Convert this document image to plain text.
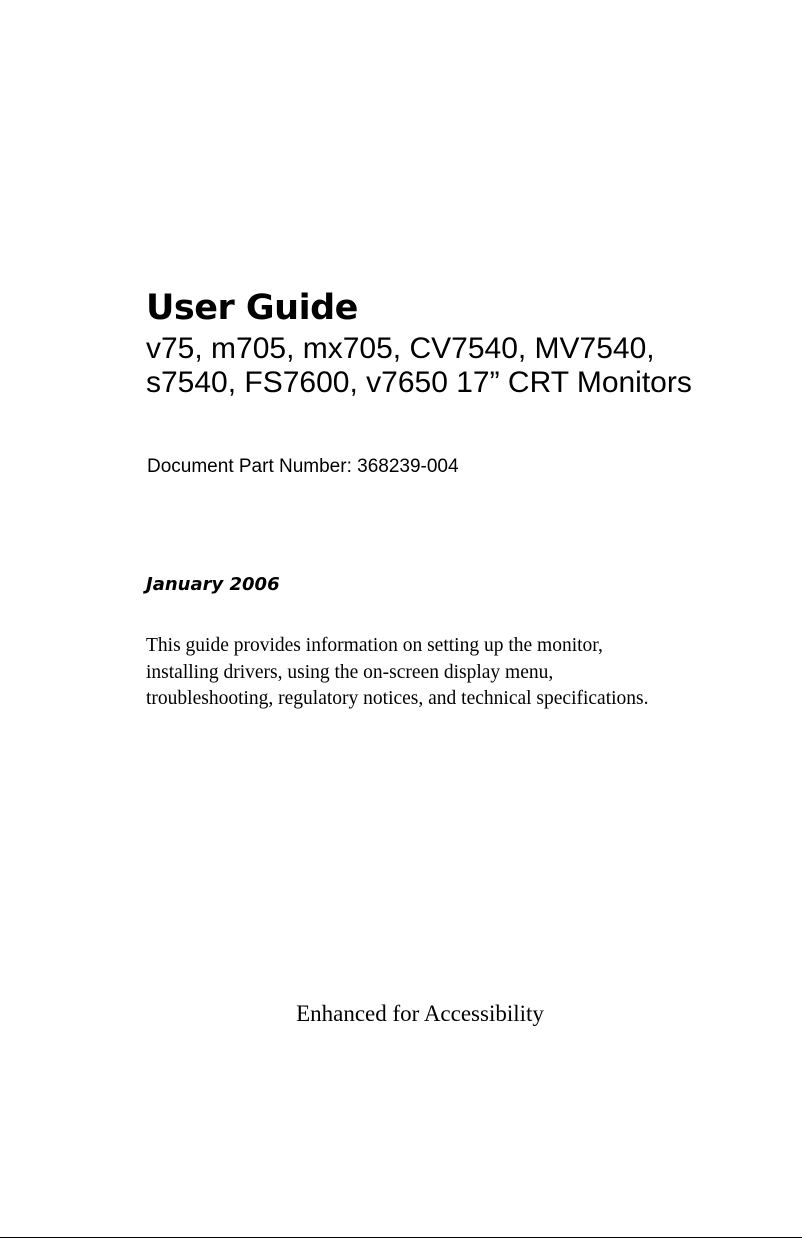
User Guide
v75, m705, mx705, CV7540, MV7540,
s7540, FS7600, v7650 17” CRT Monitors

Document Part Number: 368239-004

January 2006

This guide provides information on setting up the monitor,
installing drivers, using the on-screen display menu,
troubleshooting, regulatory notices, and technical specifications.

Enhanced for Accessibility
